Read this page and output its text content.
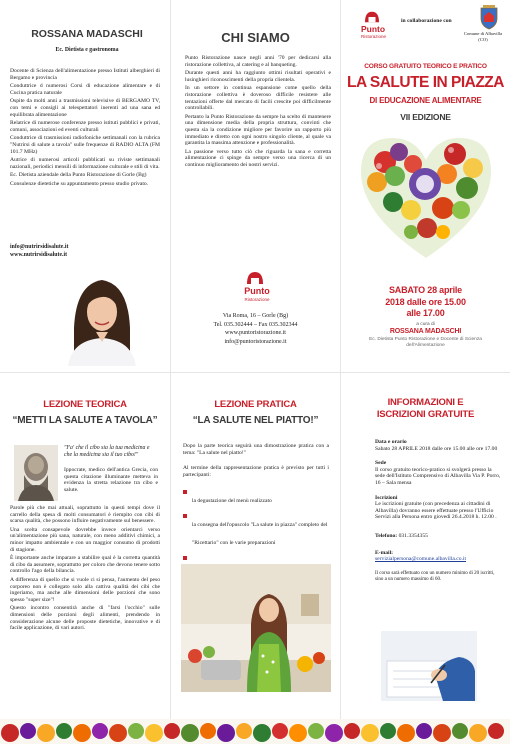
ROSSANA MADASCHI
Ec. Dietista e gastronoma

Docente di Scienza dell'alimentazione presso Istituti alberghieri di Bergamo e provincia

Conduttrice d numerosi Corsi di educazione alimentare e di Cucina pratica naturale

Ospite da molti anni a trasmissioni televisive di BERGAMO TV, con temi e consigli ai telespettatori inerenti ad una sana ed equilibrata alimentazione

Relatrice di numerose conferenze presso istituti pubblici e privati, comuni, associazioni ed eventi culturali

Conduttrice di trasmissioni radiofoniche settimanali con la rubrica "Nutrirsi di salute a tavola" sulle frequenze di RADIO ALTA (FM 101.7 MHz)

Autrice di numerosi articoli pubblicati su riviste settimanali nazionali, periodici mensili di informazione culturale e stili di vita.

Ec. Dietista aziendale della Punto Ristorazione di Gorle (Bg)

Consulenze dietetiche su appuntamento presso studio privato.

info@nutrirsidisalute.it
www.nutrirsidisalute.it
CHI SIAMO

Punto Ristorazione nasce negli anni '70 per dedicarsi alla ristorazione collettiva, al catering e al banqueting.

Durante questi anni ha raggiunto ottimi risultati operativi e lusinghieri riconoscimenti della propria clientela.

In un settore in continua espansione come quello della ristorazione collettiva è doveroso difficile resistere alle tentazioni offerte dal mercato di facili crescite poi difficilmente controllabili.

Pertanto la Punto Ristorazione da sempre ha scelto di mantenere una dimensione media della propria struttura, convinti che questa sia la condizione migliore per favorire un rapporto più immediato e diretto con ogni nostro singolo cliente, al quale va garantita la massima attenzione e professionalità.

La passione verso tutto ciò che riguarda la sana e corretta alimentazione ci spinge da sempre verso una ricerca di un continuo miglioramento dei nostri servizi.

Punto
Ristorazione
Via Roma, 16 – Gorle (Bg)
Tel. 035.302444 – Fax 035.302344
www.puntoristorazione.it
info@puntoristorazione.it
Punto
Ristorazione
in collaborazione con
Comune di Albavilla
(CO)
CORSO GRATUITO TEORICO E PRATICO
LA SALUTE IN PIAZZA
DI EDUCAZIONE ALIMENTARE
VII EDIZIONE
SABATO 28 aprile
2018 dalle ore 15.00
alle 17.00
a cura di
ROSSANA MADASCHI
Ec. Dietista Punto Ristorazione e Docente di Scienza dell'Alimentazione
LEZIONE TEORICA
“METTI LA SALUTE A TAVOLA”
"Fa' che il cibo sia la tua medicina e che la medicina sia il tuo cibo!"

Ippocrate, medico dell'antica Grecia, con questa citazione illuminante metteva in evidenza la stretta relazione tra cibo e salute.

Parole più che mai attuali, soprattutto in questi tempi dove il carrello della spesa di molti consumatori è riempito con cibi di scarsa qualità, che possono influire negativamente sul benessere.

Una scelta consapevole dovrebbe invece orientarci verso un'alimentazione più sana, naturale, con meno additivi chimici, a minor impatto ambientale e con un maggior consumo di prodotti di stagione.

È importante anche imparare a stabilire qual è la corretta quantità di cibo da assumere, soprattutto per coloro che devono tenere sotto controllo l'ago della bilancia.

A differenza di quello che si vuole ci si pensa, l'aumento del peso corporeo non è collegato solo alla cattiva qualità dei cibi che ingeriamo, ma anche alle dimensioni delle porzioni che sono spesso "super size"!

Questo incontro consentirà anche di "farsi l'occhio" sulle dimensioni delle porzioni degli alimenti, prendendo in considerazione alcune delle proposte dietetiche, innovative e di facile applicazione, di vari autori.

LEZIONE PRATICA
“LA SALUTE NEL PIATTO!”
Dopo la parte teorica seguirà una dimostrazione pratica con a tema: "La salute nel piatto!"
Al termine della rappresentazione pratica è previsto per tutti i partecipanti:
la degustazione del menù realizzato
la consegna dell'opuscolo "La salute in piazza" completo del "Ricettario" con le varie preparazioni
INFORMAZIONI E
ISCRIZIONI GRATUITE
Data e orario
Sabato 28 APRILE 2018 dalle ore 15.00 alle ore 17.00
Sede
Il corso gratuito teorico-pratico si svolgerà presso la sede dell'Istituto Comprensivo di Albavilla Via P. Porro, 16 – Sala mensa
Iscrizioni
Le iscrizioni gratuite (con precedenza ai cittadini di Albavilla) dovranno essere effettuate presso l'Ufficio Servizi alla Persona entro giovedì 26.4.2018 h. 12.00 .
Telefono: 031.3354355
E-mail:
servizialpersona@comune.albavilla.co.it
Il corso sarà effettuato con un numero minimo di 20 iscritti, sino a un numero massimo di 60.
